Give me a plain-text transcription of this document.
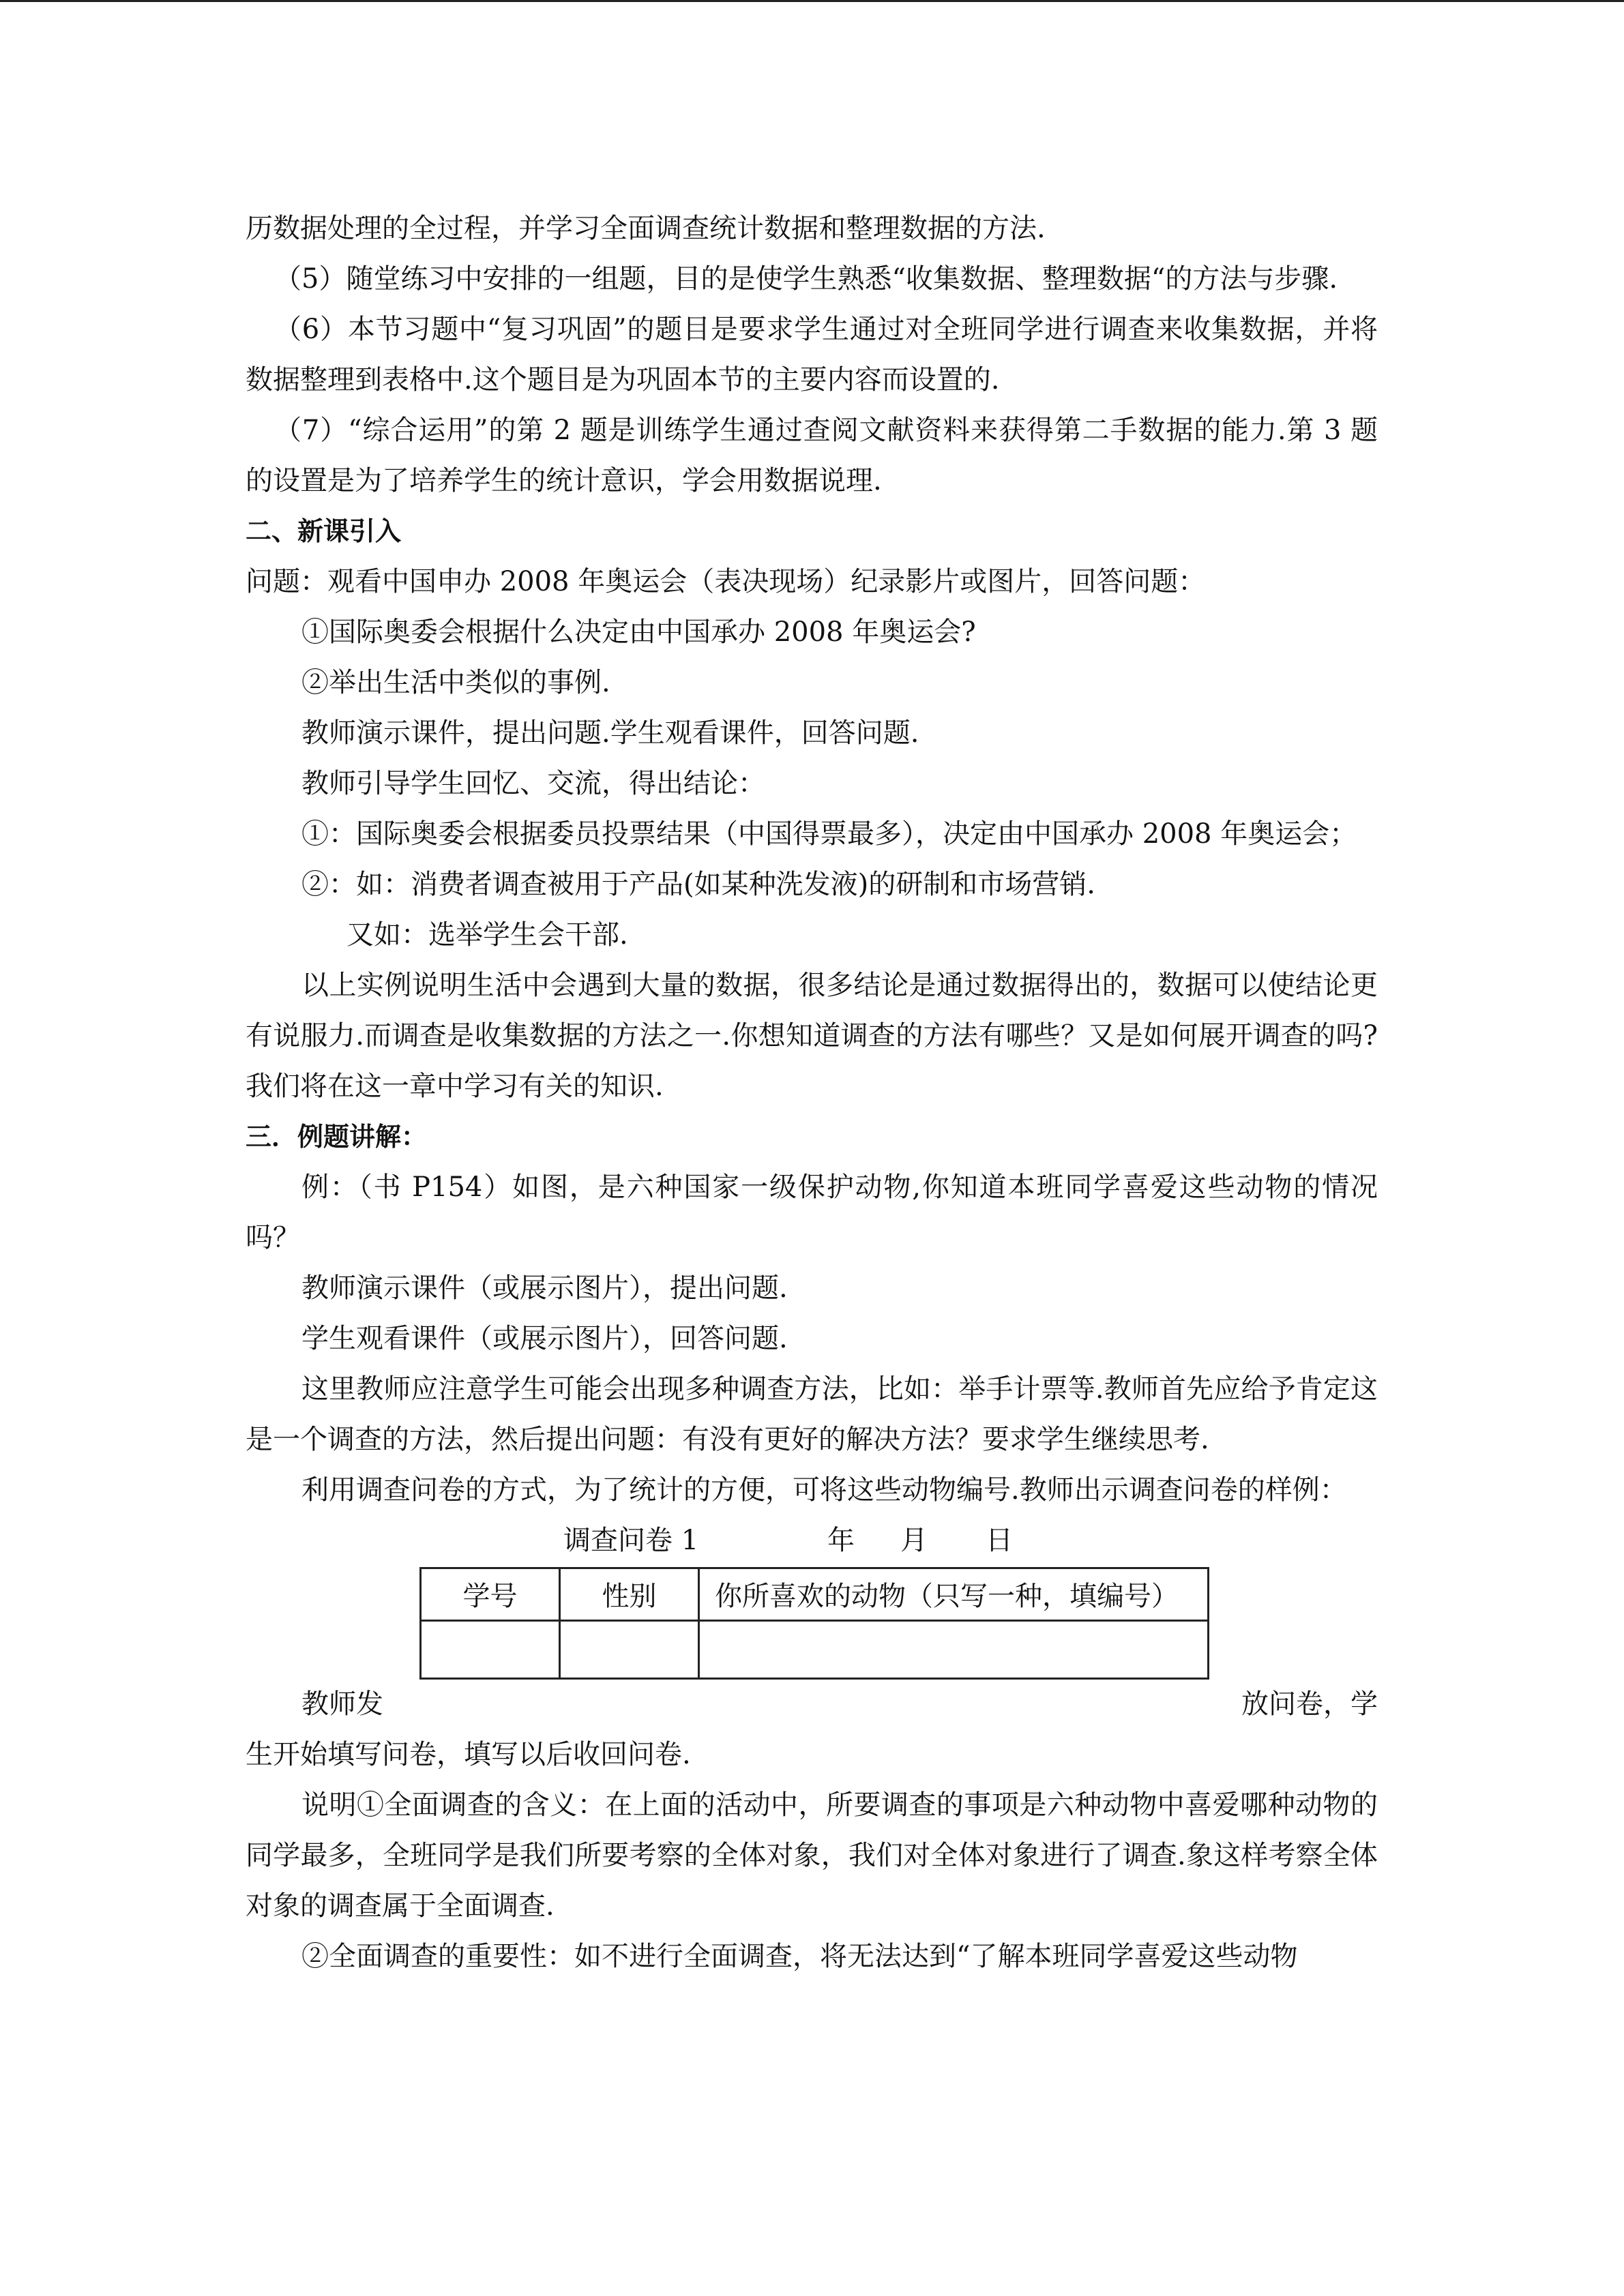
历数据处理的全过程，并学习全面调查统计数据和整理数据的方法.

（5）随堂练习中安排的一组题，目的是使学生熟悉“收集数据、整理数据“的方法与步骤.

（6）本节习题中“复习巩固”的题目是要求学生通过对全班同学进行调查来收集数据，并将数据整理到表格中.这个题目是为巩固本节的主要内容而设置的.

（7）“综合运用”的第 2 题是训练学生通过查阅文献资料来获得第二手数据的能力.第 3 题的设置是为了培养学生的统计意识，学会用数据说理.

二、新课引入

问题：观看中国申办 2008 年奥运会（表决现场）纪录影片或图片，回答问题：

①国际奥委会根据什么决定由中国承办 2008 年奥运会?

②举出生活中类似的事例.

教师演示课件，提出问题.学生观看课件，回答问题.

教师引导学生回忆、交流，得出结论：

①：国际奥委会根据委员投票结果（中国得票最多），决定由中国承办 2008 年奥运会；

②：如：消费者调查被用于产品(如某种洗发液)的研制和市场营销.

又如：选举学生会干部.

以上实例说明生活中会遇到大量的数据，很多结论是通过数据得出的，数据可以使结论更有说服力.而调查是收集数据的方法之一.你想知道调查的方法有哪些？又是如何展开调查的吗?我们将在这一章中学习有关的知识.

三．例题讲解：

例：（书 P154）如图，是六种国家一级保护动物,你知道本班同学喜爱这些动物的情况吗？

教师演示课件（或展示图片），提出问题.

学生观看课件（或展示图片），回答问题.

这里教师应注意学生可能会出现多种调查方法，比如：举手计票等.教师首先应给予肯定这是一个调查的方法，然后提出问题：有没有更好的解决方法？要求学生继续思考.

利用调查问卷的方式，为了统计的方便，可将这些动物编号.教师出示调查问卷的样例：

调查问卷 1	年 月 日
学号	性别	你所喜欢的动物（只写一种，填编号）

教师发	放问卷，学

生开始填写问卷，填写以后收回问卷.

说明①全面调查的含义：在上面的活动中，所要调查的事项是六种动物中喜爱哪种动物的同学最多，全班同学是我们所要考察的全体对象，我们对全体对象进行了调查.象这样考察全体对象的调查属于全面调查.

②全面调查的重要性：如不进行全面调查，将无法达到“了解本班同学喜爱这些动物
